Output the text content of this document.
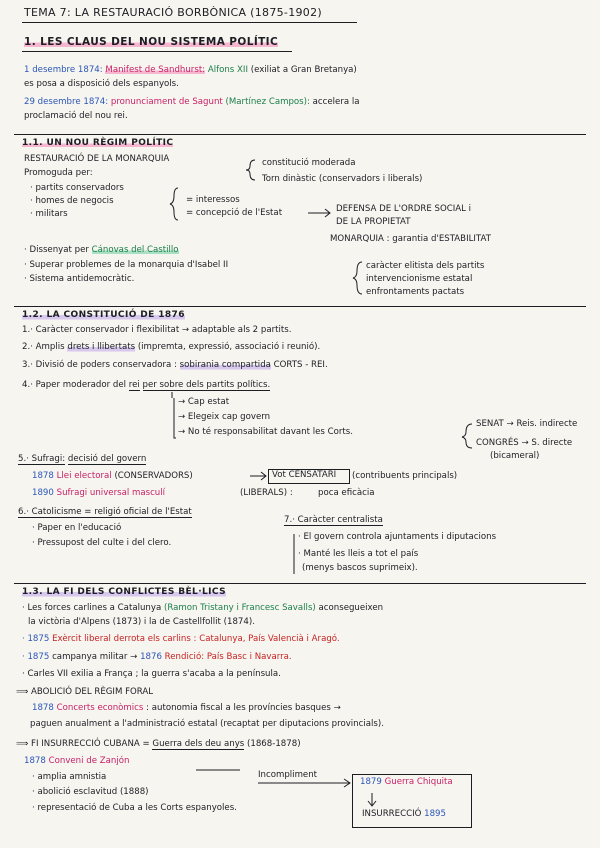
TEMA 7: LA RESTAURACIÓ BORBÒNICA (1875-1902)
1. LES CLAUS DEL NOU SISTEMA POLÍTIC
1 desembre 1874: Manifest de Sandhurst: Alfons XII (exiliat a Gran Bretanya)
es posa a disposició dels espanyols.
29 desembre 1874: pronunciament de Sagunt (Martínez Campos): accelera la
proclamació del nou rei.
1.1. UN NOU RÈGIM POLÍTIC
RESTAURACIÓ DE LA MONARQUIA	constitució moderada
Torn dinàstic (conservadors i liberals)
Promoguda per:
· partits conservadors
· homes de negocis
· militars
= interessos
= concepció de l'Estat	DEFENSA DE L'ORDRE SOCIAL i
DE LA PROPIETAT
MONARQUIA : garantia d'ESTABILITAT
· Dissenyat per Cánovas del Castillo
· Superar problemes de la monarquia d'Isabel II
· Sistema antidemocràtic.
caràcter elitista dels partits
intervencionisme estatal
enfrontaments pactats
1.2. LA CONSTITUCIÓ DE 1876
1.· Caràcter conservador i flexibilitat → adaptable als 2 partits.
2.· Amplis drets i llibertats (impremta, expressió, associació i reunió).
3.· Divisió de poders conservadora : sobirania compartida CORTS - REI.
4.· Paper moderador del rei per sobre dels partits polítics.
→ Cap estat
→ Elegeix cap govern
→ No té responsabilitat davant les Corts.
SENAT → Reis. indirecte
CONGRÉS → S. directe
(bicameral)
5.· Sufragi: decisió del govern
1878 Llei electoral (CONSERVADORS)	Vot CENSATARI (contribuents principals)
1890 Sufragi universal masculí	(LIBERALS) :	poca eficàcia
6.· Catolicisme = religió oficial de l'Estat
· Paper en l'educació
· Pressupost del culte i del clero.
7.· Caràcter centralista
· El govern controla ajuntaments i diputacions
· Manté les lleis a tot el país
(menys bascos suprimeix).
1.3. LA FI DELS CONFLICTES BÈL·LICS
· Les forces carlines a Catalunya (Ramon Tristany i Francesc Savalls) aconsegueixen
la victòria d'Alpens (1873) i la de Castellfollit (1874).
· 1875 Exèrcit liberal derrota els carlins : Catalunya, País Valencià i Aragó.
· 1875 campanya militar → 1876 Rendició: País Basc i Navarra.
· Carles VII exilia a França ; la guerra s'acaba a la península.
⟹ ABOLICIÓ DEL RÈGIM FORAL
1878 Concerts econòmics : autonomia fiscal a les províncies basques →
paguen anualment a l'administració estatal (recaptat per diputacions provincials).
⟹ FI INSURRECCIÓ CUBANA = Guerra dels deu anys (1868-1878)
1878 Conveni de Zanjón
· amplia amnistia
· abolició esclavitud (1888)
· representació de Cuba a les Corts espanyoles.
Incompliment
1879 Guerra Chiquita
INSURRECCIÓ 1895
